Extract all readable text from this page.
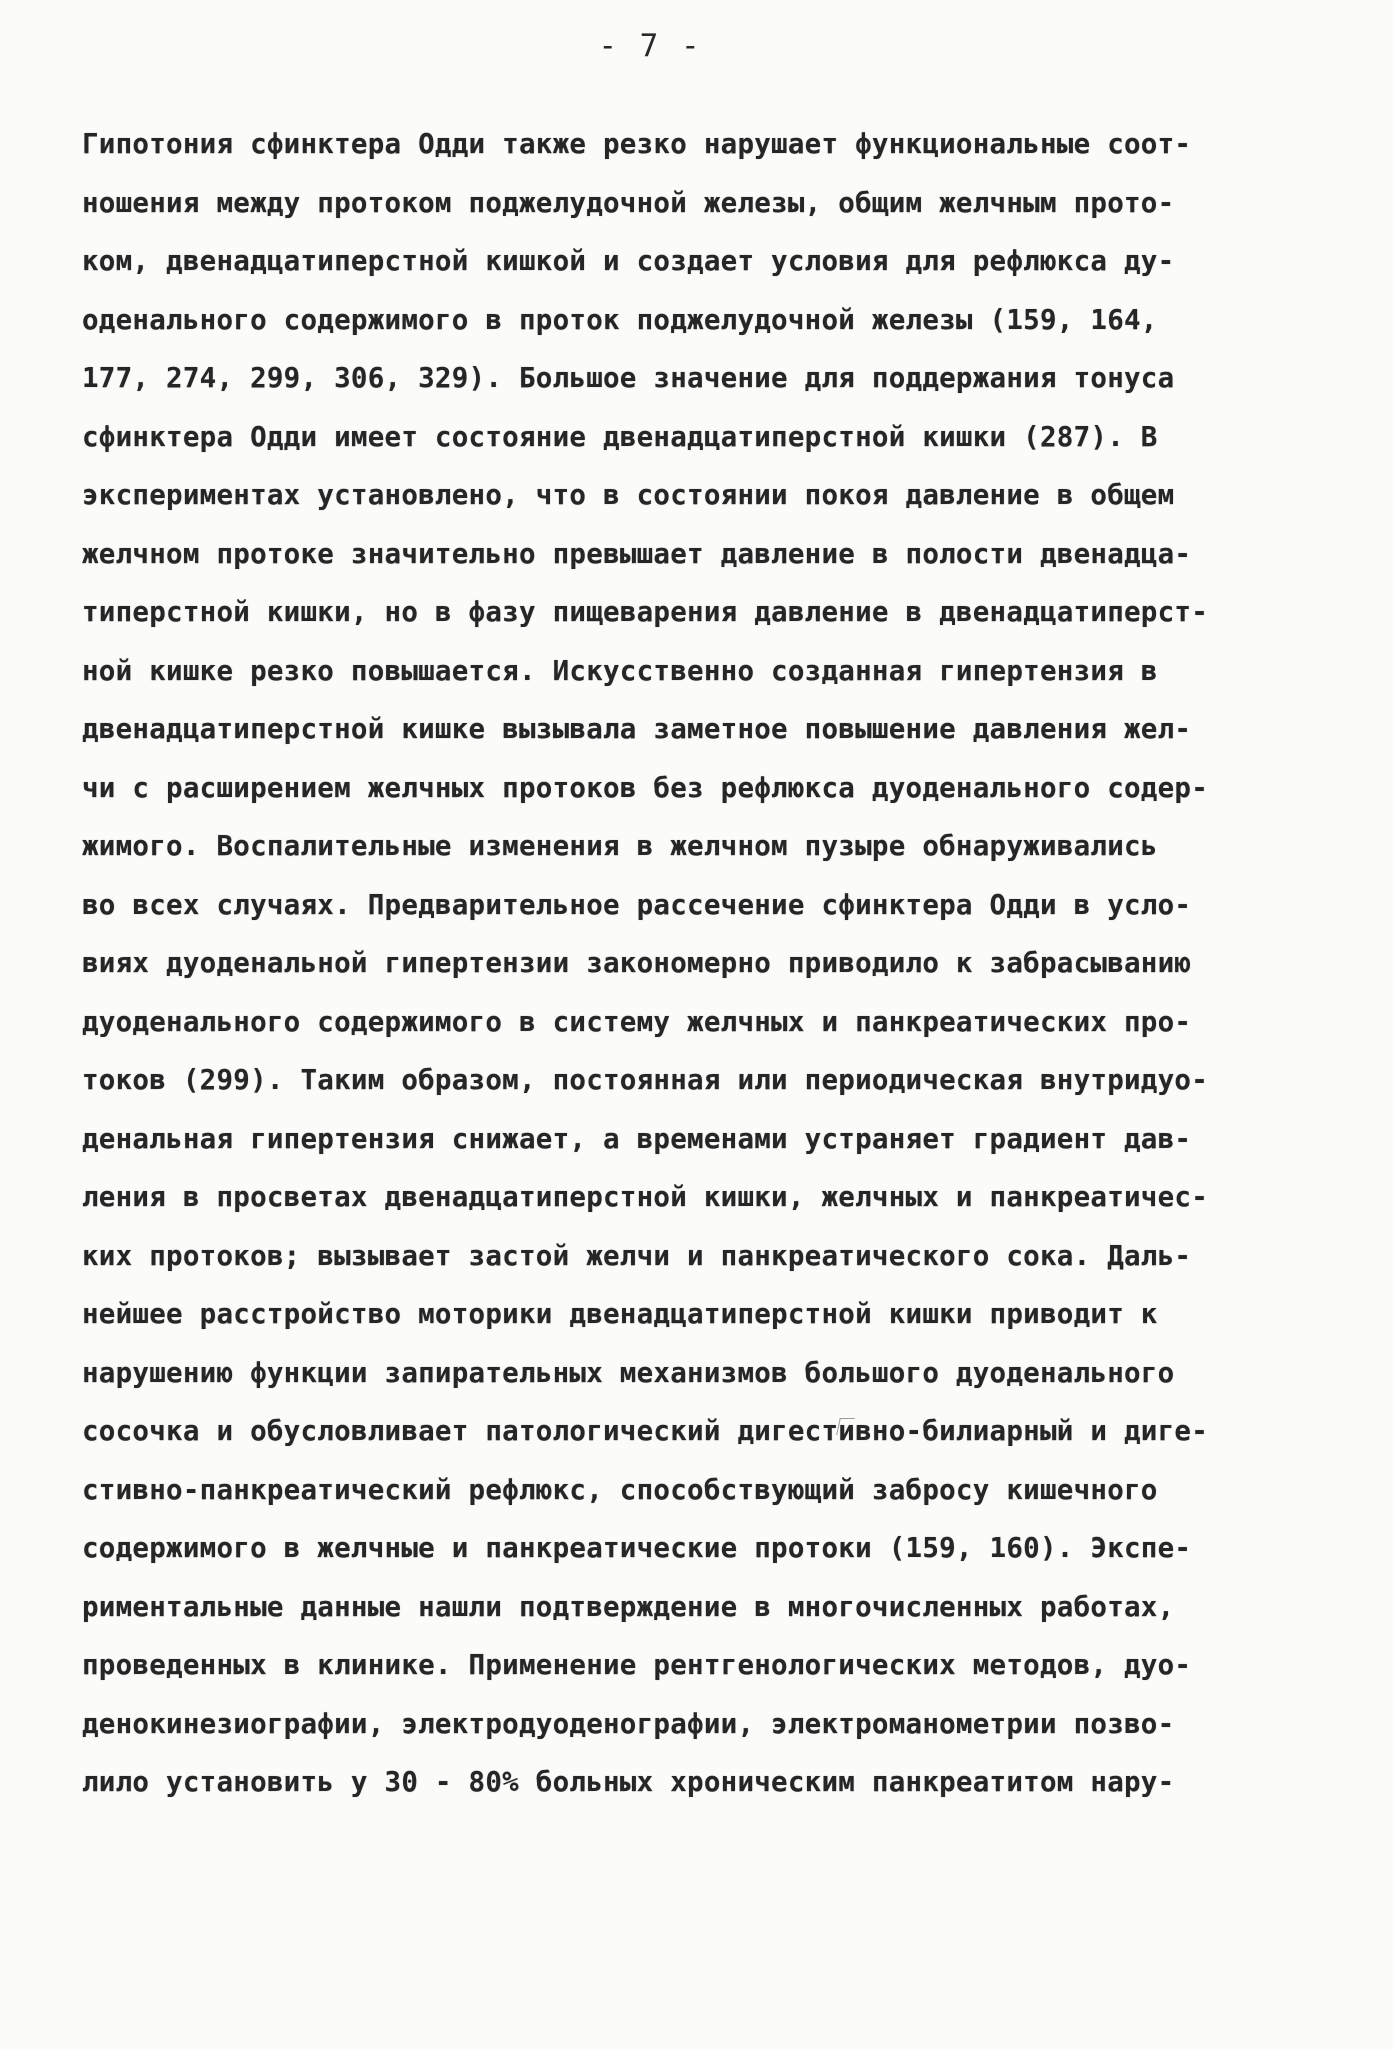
- 7 -
Гипотония сфинктера Одди также резко нарушает функциональные соот-
ношения между протоком поджелудочной железы, общим желчным прото-
ком, двенадцатиперстной кишкой и создает условия для рефлюкса ду-
оденального содержимого в проток поджелудочной железы (159, 164,
177, 274, 299, 306, 329). Большое значение для поддержания тонуса
сфинктера Одди имеет состояние двенадцатиперстной кишки (287). В
экспериментах установлено, что в состоянии покоя давление в общем
желчном протоке значительно превышает давление в полости двенадца-
типерстной кишки, но в фазу пищеварения давление в двенадцатиперст-
ной кишке резко повышается. Искусственно созданная гипертензия в
двенадцатиперстной кишке вызывала заметное повышение давления жел-
чи с расширением желчных протоков без рефлюкса дуоденального содер-
жимого. Воспалительные изменения в желчном пузыре обнаруживались
во всех случаях. Предварительное рассечение сфинктера Одди в усло-
виях дуоденальной гипертензии закономерно приводило к забрасыванию
дуоденального содержимого в систему желчных и панкреатических про-
токов (299). Таким образом, постоянная или периодическая внутридуо-
денальная гипертензия снижает, а временами устраняет градиент дав-
ления в просветах двенадцатиперстной кишки, желчных и панкреатичес-
ких протоков; вызывает застой желчи и панкреатического сока. Даль-
нейшее расстройство моторики двенадцатиперстной кишки приводит к
нарушению функции запирательных механизмов большого дуоденального
сосочка и обусловливает патологический дигестивно-билиарный и диге-
стивно-панкреатический рефлюкс, способствующий забросу кишечного
содержимого в желчные и панкреатические протоки (159, 160). Экспе-
риментальные данные нашли подтверждение в многочисленных работах,
проведенных в клинике. Применение рентгенологических методов, дуо-
денокинезиографии, электродуоденографии, электроманометрии позво-
лило установить у 30 - 80% больных хроническим панкреатитом нару-
